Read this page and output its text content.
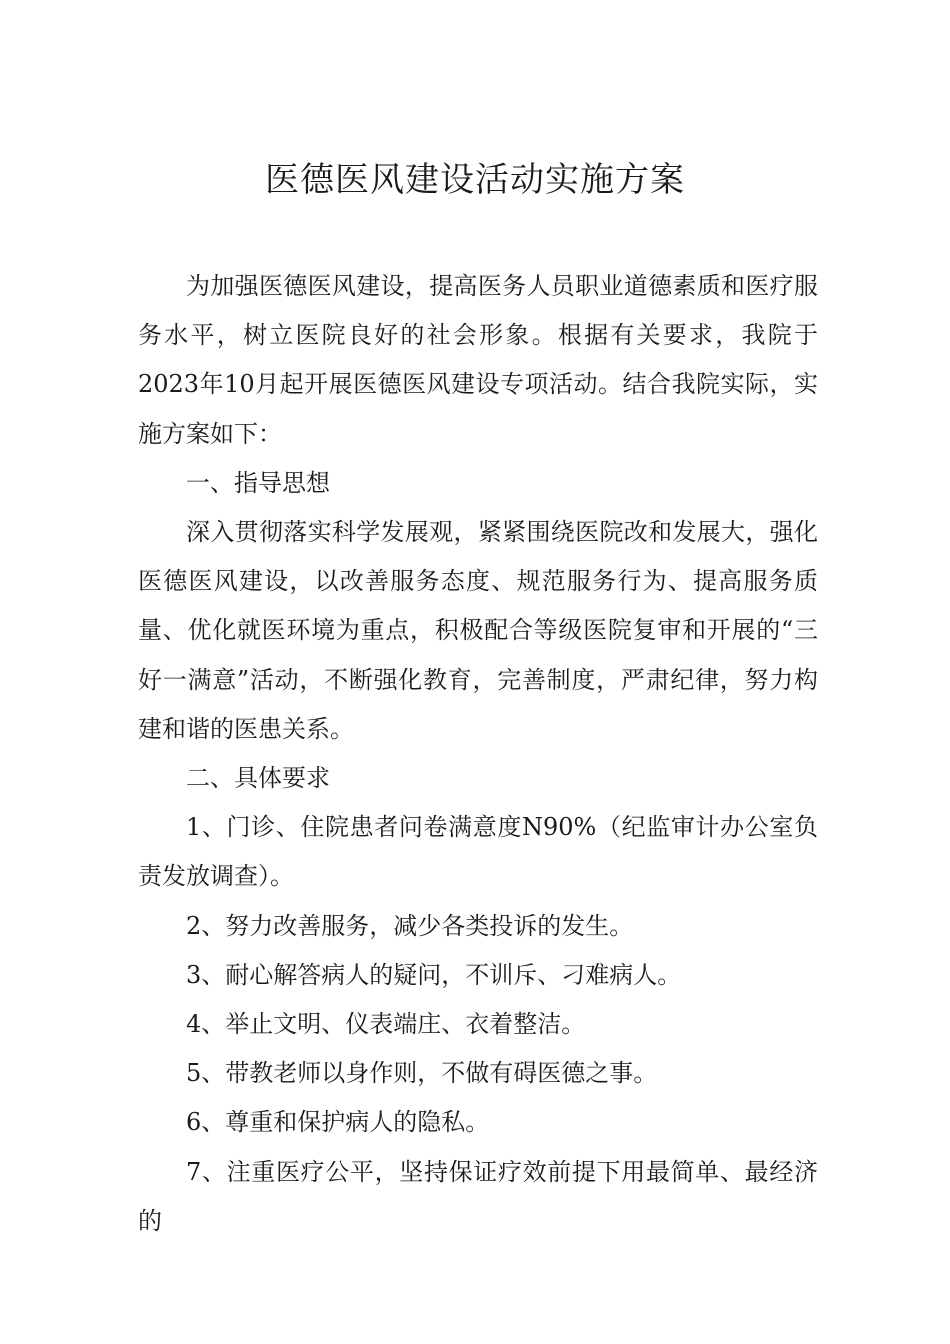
医德医风建设活动实施方案

为加强医德医风建设，提高医务人员职业道德素质和医疗服务水平，树立医院良好的社会形象。根据有关要求，我院于2023年10月起开展医德医风建设专项活动。结合我院实际，实施方案如下：

一、指导思想

深入贯彻落实科学发展观，紧紧围绕医院改和发展大，强化医德医风建设，以改善服务态度、规范服务行为、提高服务质量、优化就医环境为重点，积极配合等级医院复审和开展的“三好一满意”活动，不断强化教育，完善制度，严肃纪律，努力构建和谐的医患关系。

二、具体要求

1、门诊、住院患者问卷满意度N90%（纪监审计办公室负责发放调查）。

2、努力改善服务，减少各类投诉的发生。

3、耐心解答病人的疑问，不训斥、刁难病人。

4、举止文明、仪表端庄、衣着整洁。

5、带教老师以身作则，不做有碍医德之事。

6、尊重和保护病人的隐私。

7、注重医疗公平，坚持保证疗效前提下用最简单、最经济的
